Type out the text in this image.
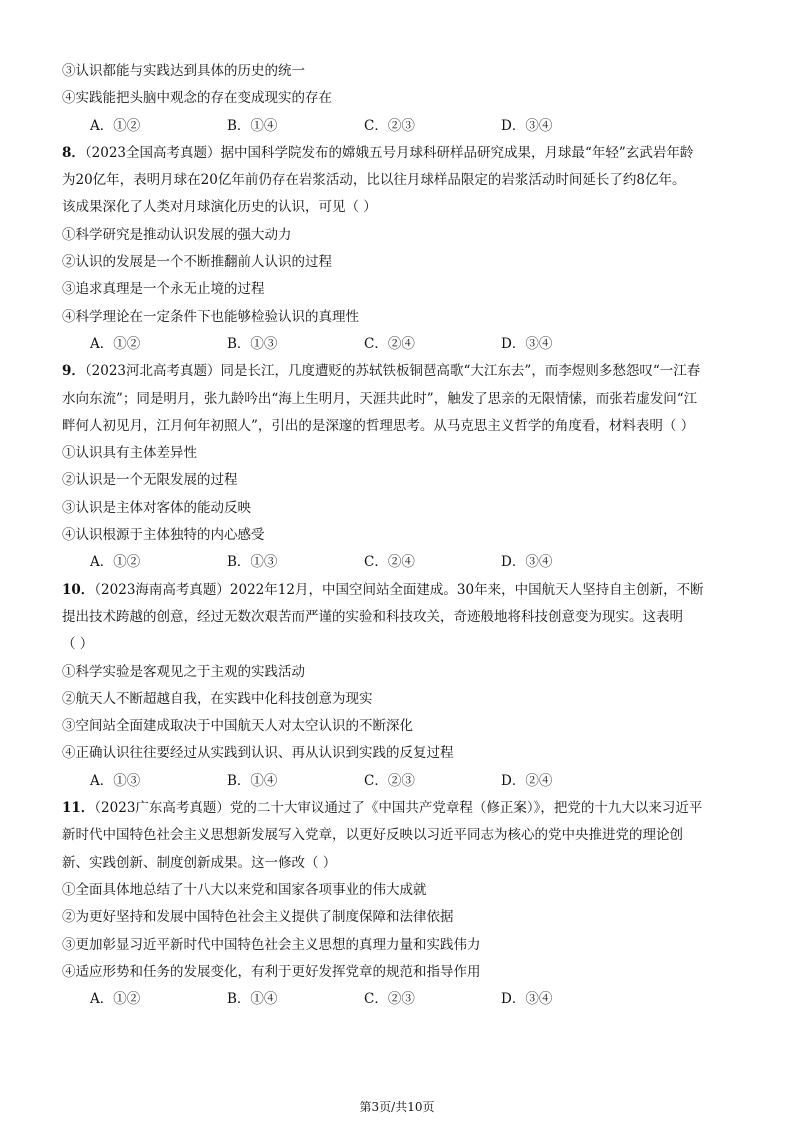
③认识都能与实践达到具体的历史的统一
④实践能把头脑中观念的存在变成现实的存在
A．①②	B．①④	C．②③	D．③④
8．（2023全国高考真题）据中国科学院发布的嫦娥五号月球科研样品研究成果，月球最“年轻”玄武岩年龄
为20亿年，表明月球在20亿年前仍存在岩浆活动，比以往月球样品限定的岩浆活动时间延长了约8亿年。
该成果深化了人类对月球演化历史的认识，可见（ ）
①科学研究是推动认识发展的强大动力
②认识的发展是一个不断推翻前人认识的过程
③追求真理是一个永无止境的过程
④科学理论在一定条件下也能够检验认识的真理性
A．①②	B．①③	C．②④	D．③④
9．（2023河北高考真题）同是长江，几度遭贬的苏轼铁板铜琶高歌“大江东去”，而李煜则多愁怨叹“一江春
水向东流”；同是明月，张九龄吟出“海上生明月，天涯共此时”，触发了思亲的无限情愫，而张若虚发问“江
畔何人初见月，江月何年初照人”，引出的是深邃的哲理思考。从马克思主义哲学的角度看，材料表明（ ）
①认识具有主体差异性
②认识是一个无限发展的过程
③认识是主体对客体的能动反映
④认识根源于主体独特的内心感受
A．①②	B．①③	C．②④	D．③④
10．（2023海南高考真题）2022年12月，中国空间站全面建成。30年来，中国航天人坚持自主创新，不断
提出技术跨越的创意，经过无数次艰苦而严谨的实验和科技攻关，奇迹般地将科技创意变为现实。这表明
（ ）
①科学实验是客观见之于主观的实践活动
②航天人不断超越自我，在实践中化科技创意为现实
③空间站全面建成取决于中国航天人对太空认识的不断深化
④正确认识往往要经过从实践到认识、再从认识到实践的反复过程
A．①③	B．①④	C．②③	D．②④
11．（2023广东高考真题）党的二十大审议通过了《中国共产党章程（修正案）》，把党的十九大以来习近平
新时代中国特色社会主义思想新发展写入党章，以更好反映以习近平同志为核心的党中央推进党的理论创
新、实践创新、制度创新成果。这一修改（ ）
①全面具体地总结了十八大以来党和国家各项事业的伟大成就
②为更好坚持和发展中国特色社会主义提供了制度保障和法律依据
③更加彰显习近平新时代中国特色社会主义思想的真理力量和实践伟力
④适应形势和任务的发展变化，有利于更好发挥党章的规范和指导作用
A．①②	B．①④	C．②③	D．③④
第3页/共10页
